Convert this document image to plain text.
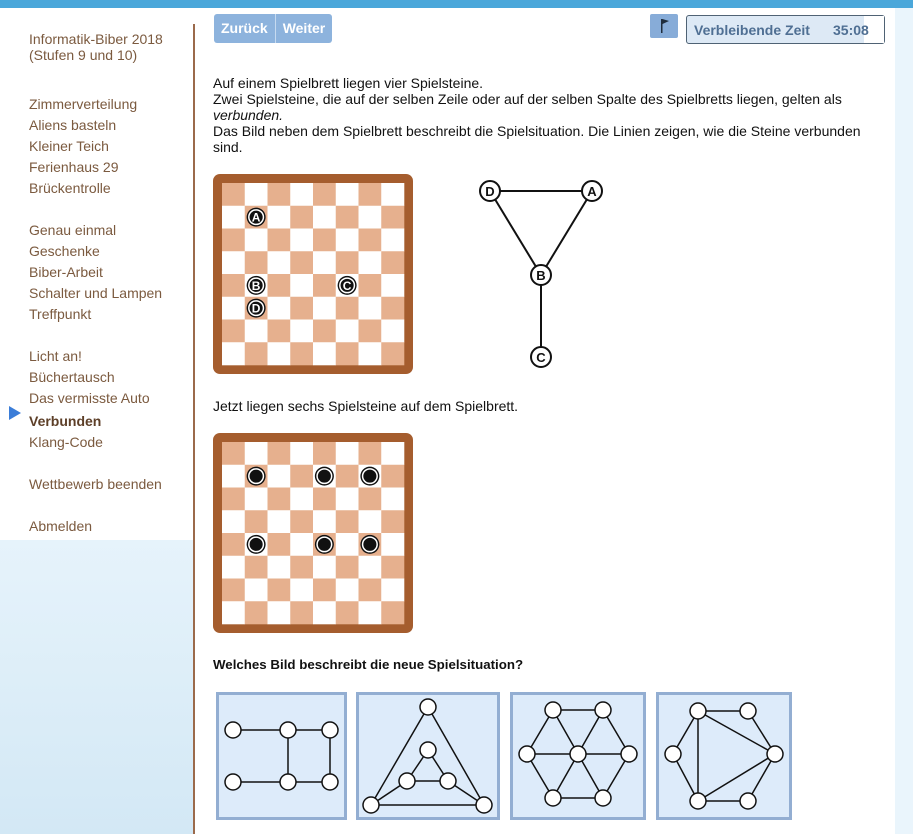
Informatik-Biber 2018
(Stufen 9 und 10)
Zimmerverteilung
Aliens basteln
Kleiner Teich
Ferienhaus 29
Brückentrolle
Genau einmal
Geschenke
Biber-Arbeit
Schalter und Lampen
Treffpunkt
Licht an!
Büchertausch
Das vermisste Auto
Verbunden
Klang-Code
Wettbewerb beenden
Abmelden
Zurück	Weiter	Verbleibende Zeit 35:08
Auf einem Spielbrett liegen vier Spielsteine.
Zwei Spielsteine, die auf der selben Zeile oder auf der selben Spalte des Spielbretts liegen, gelten als
verbunden.
Das Bild neben dem Spielbrett beschreibt die Spielsituation. Die Linien zeigen, wie die Steine verbunden
sind.
A
B	C
D
D	A
B
C
Jetzt liegen sechs Spielsteine auf dem Spielbrett.
Welches Bild beschreibt die neue Spielsituation?
